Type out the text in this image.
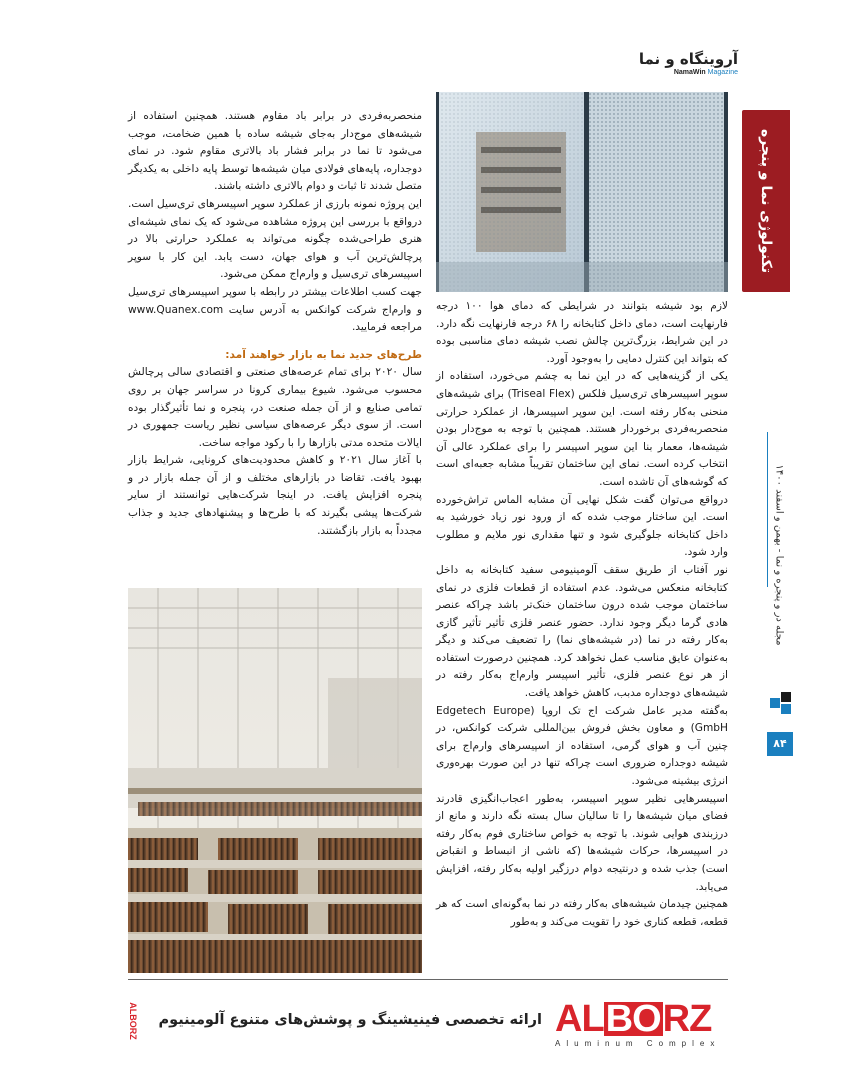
آروینگاه و نما
NamaWin Magazine
تکنولوژی نما و پنجره
مجله در و پنجره و نما - بهمن و اسفند ۱۴۰۰
۸۴

منحصربه‌فردی در برابر باد مقاوم هستند. همچنین استفاده از شیشه‌های موج‌دار به‌جای شیشه ساده با همین ضخامت، موجب می‌شود تا نما در برابر فشار باد بالاتری مقاوم شود. در نمای دوجداره، پایه‌های فولادی میان شیشه‌ها توسط پایه داخلی به یکدیگر متصل شدند تا ثبات و دوام بالاتری داشته باشند.

این پروژه نمونه بارزی از عملکرد سوپر اسپیسرهای تری‌سیل است. درواقع با بررسی این پروژه مشاهده می‌شود که یک نمای شیشه‌ای هنری طراحی‌شده چگونه می‌تواند به عملکرد حرارتی بالا در پرچالش‌ترین آب و هوای جهان، دست یابد. این کار با سوپر اسپیسرهای تری‌سیل و وارم‌اج ممکن می‌شود.

جهت کسب اطلاعات بیشتر در رابطه با سوپر اسپیسرهای تری‌سیل و وارم‌اج شرکت کوانکس به آدرس سایت www.Quanex.com مراجعه فرمایید.

طرح‌های جدید نما به بازار خواهند آمد:

سال ۲۰۲۰ برای تمام عرصه‌های صنعتی و اقتصادی سالی پرچالش محسوب می‌شود. شیوع بیماری کرونا در سراسر جهان بر روی تمامی صنایع و از آن جمله صنعت در، پنجره و نما تأثیرگذار بوده است. از سوی دیگر عرصه‌های سیاسی نظیر ریاست جمهوری در ایالات متحده مدتی بازارها را با رکود مواجه ساخت.

با آغاز سال ۲۰۲۱ و کاهش محدودیت‌های کرونایی، شرایط بازار بهبود یافت. تقاضا در بازارهای مختلف و از آن جمله بازار در و پنجره افزایش یافت. در اینجا شرکت‌هایی توانستند از سایر شرکت‌ها پیشی بگیرند که با طرح‌ها و پیشنهادهای جدید و جذاب مجدداً به بازار بازگشتند.

لازم بود شیشه بتوانند در شرایطی که دمای هوا ۱۰۰ درجه فارنهایت است، دمای داخل کتابخانه را ۶۸ درجه فارنهایت نگه دارد. در این شرایط، بزرگ‌ترین چالش نصب شیشه دمای مناسبی بوده که بتواند این کنترل دمایی را به‌وجود آورد.

یکی از گزینه‌هایی که در این نما به چشم می‌خورد، استفاده از سوپر اسپیسرهای تری‌سیل فلکس (Triseal Flex) برای شیشه‌های منحنی به‌کار رفته است. این سوپر اسپیسرها، از عملکرد حرارتی منحصربه‌فردی برخوردار هستند. همچنین با توجه به موج‌دار بودن شیشه‌ها، معمار بنا این سوپر اسپیسر را برای عملکرد عالی آن انتخاب کرده است. نمای این ساختمان تقریباً مشابه جعبه‌ای است که گوشه‌های آن تاشده است.

درواقع می‌توان گفت شکل نهایی آن مشابه الماس تراش‌خورده است. این ساختار موجب شده که از ورود نور زیاد خورشید به داخل کتابخانه جلوگیری شود و تنها مقداری نور ملایم و مطلوب وارد شود.

نور آفتاب از طریق سقف آلومینیومی سفید کتابخانه به داخل کتابخانه منعکس می‌شود. عدم استفاده از قطعات فلزی در نمای ساختمان موجب شده درون ساختمان خنک‌تر باشد چراکه عنصر هادی گرما دیگر وجود ندارد. حضور عنصر فلزی تأثیر تأثیر گازی به‌کار رفته در نما (در شیشه‌های نما) را تضعیف می‌کند و دیگر به‌عنوان عایق مناسب عمل نخواهد کرد. همچنین درصورت استفاده از هر نوع عنصر فلزی، تأثیر اسپیسر وارم‌اج به‌کار رفته در شیشه‌های دوجداره مدبب، کاهش خواهد یافت.

به‌گفته مدیر عامل شرکت اج تک اروپا (Edgetech Europe GmbH) و معاون بخش فروش بین‌المللی شرکت کوانکس، در چنین آب و هوای گرمی، استفاده از اسپیسرهای وارم‌اج برای شیشه دوجداره ضروری است چراکه تنها در این صورت بهره‌وری انرژی بیشینه می‌شود.

اسپیسرهایی نظیر سوپر اسپیسر، به‌طور اعجاب‌انگیزی قادرند فضای میان شیشه‌ها را تا سالیان سال بسته نگه دارند و مانع از درزبندی هوایی شوند. با توجه به خواص ساختاری فوم به‌کار رفته در اسپیسرها، حرکات شیشه‌ها (که ناشی از انبساط و انقباض است) جذب شده و درنتیجه دوام درزگیر اولیه به‌کار رفته، افزایش می‌یابد.

همچنین چیدمان شیشه‌های به‌کار رفته در نما به‌گونه‌ای است که هر قطعه، قطعه کناری خود را تقویت می‌کند و به‌طور

AL BO RZ
Aluminum Complex
ارائه تخصصی فینیشینگ و پوشش‌های متنوع آلومینیوم
ALBORZ
